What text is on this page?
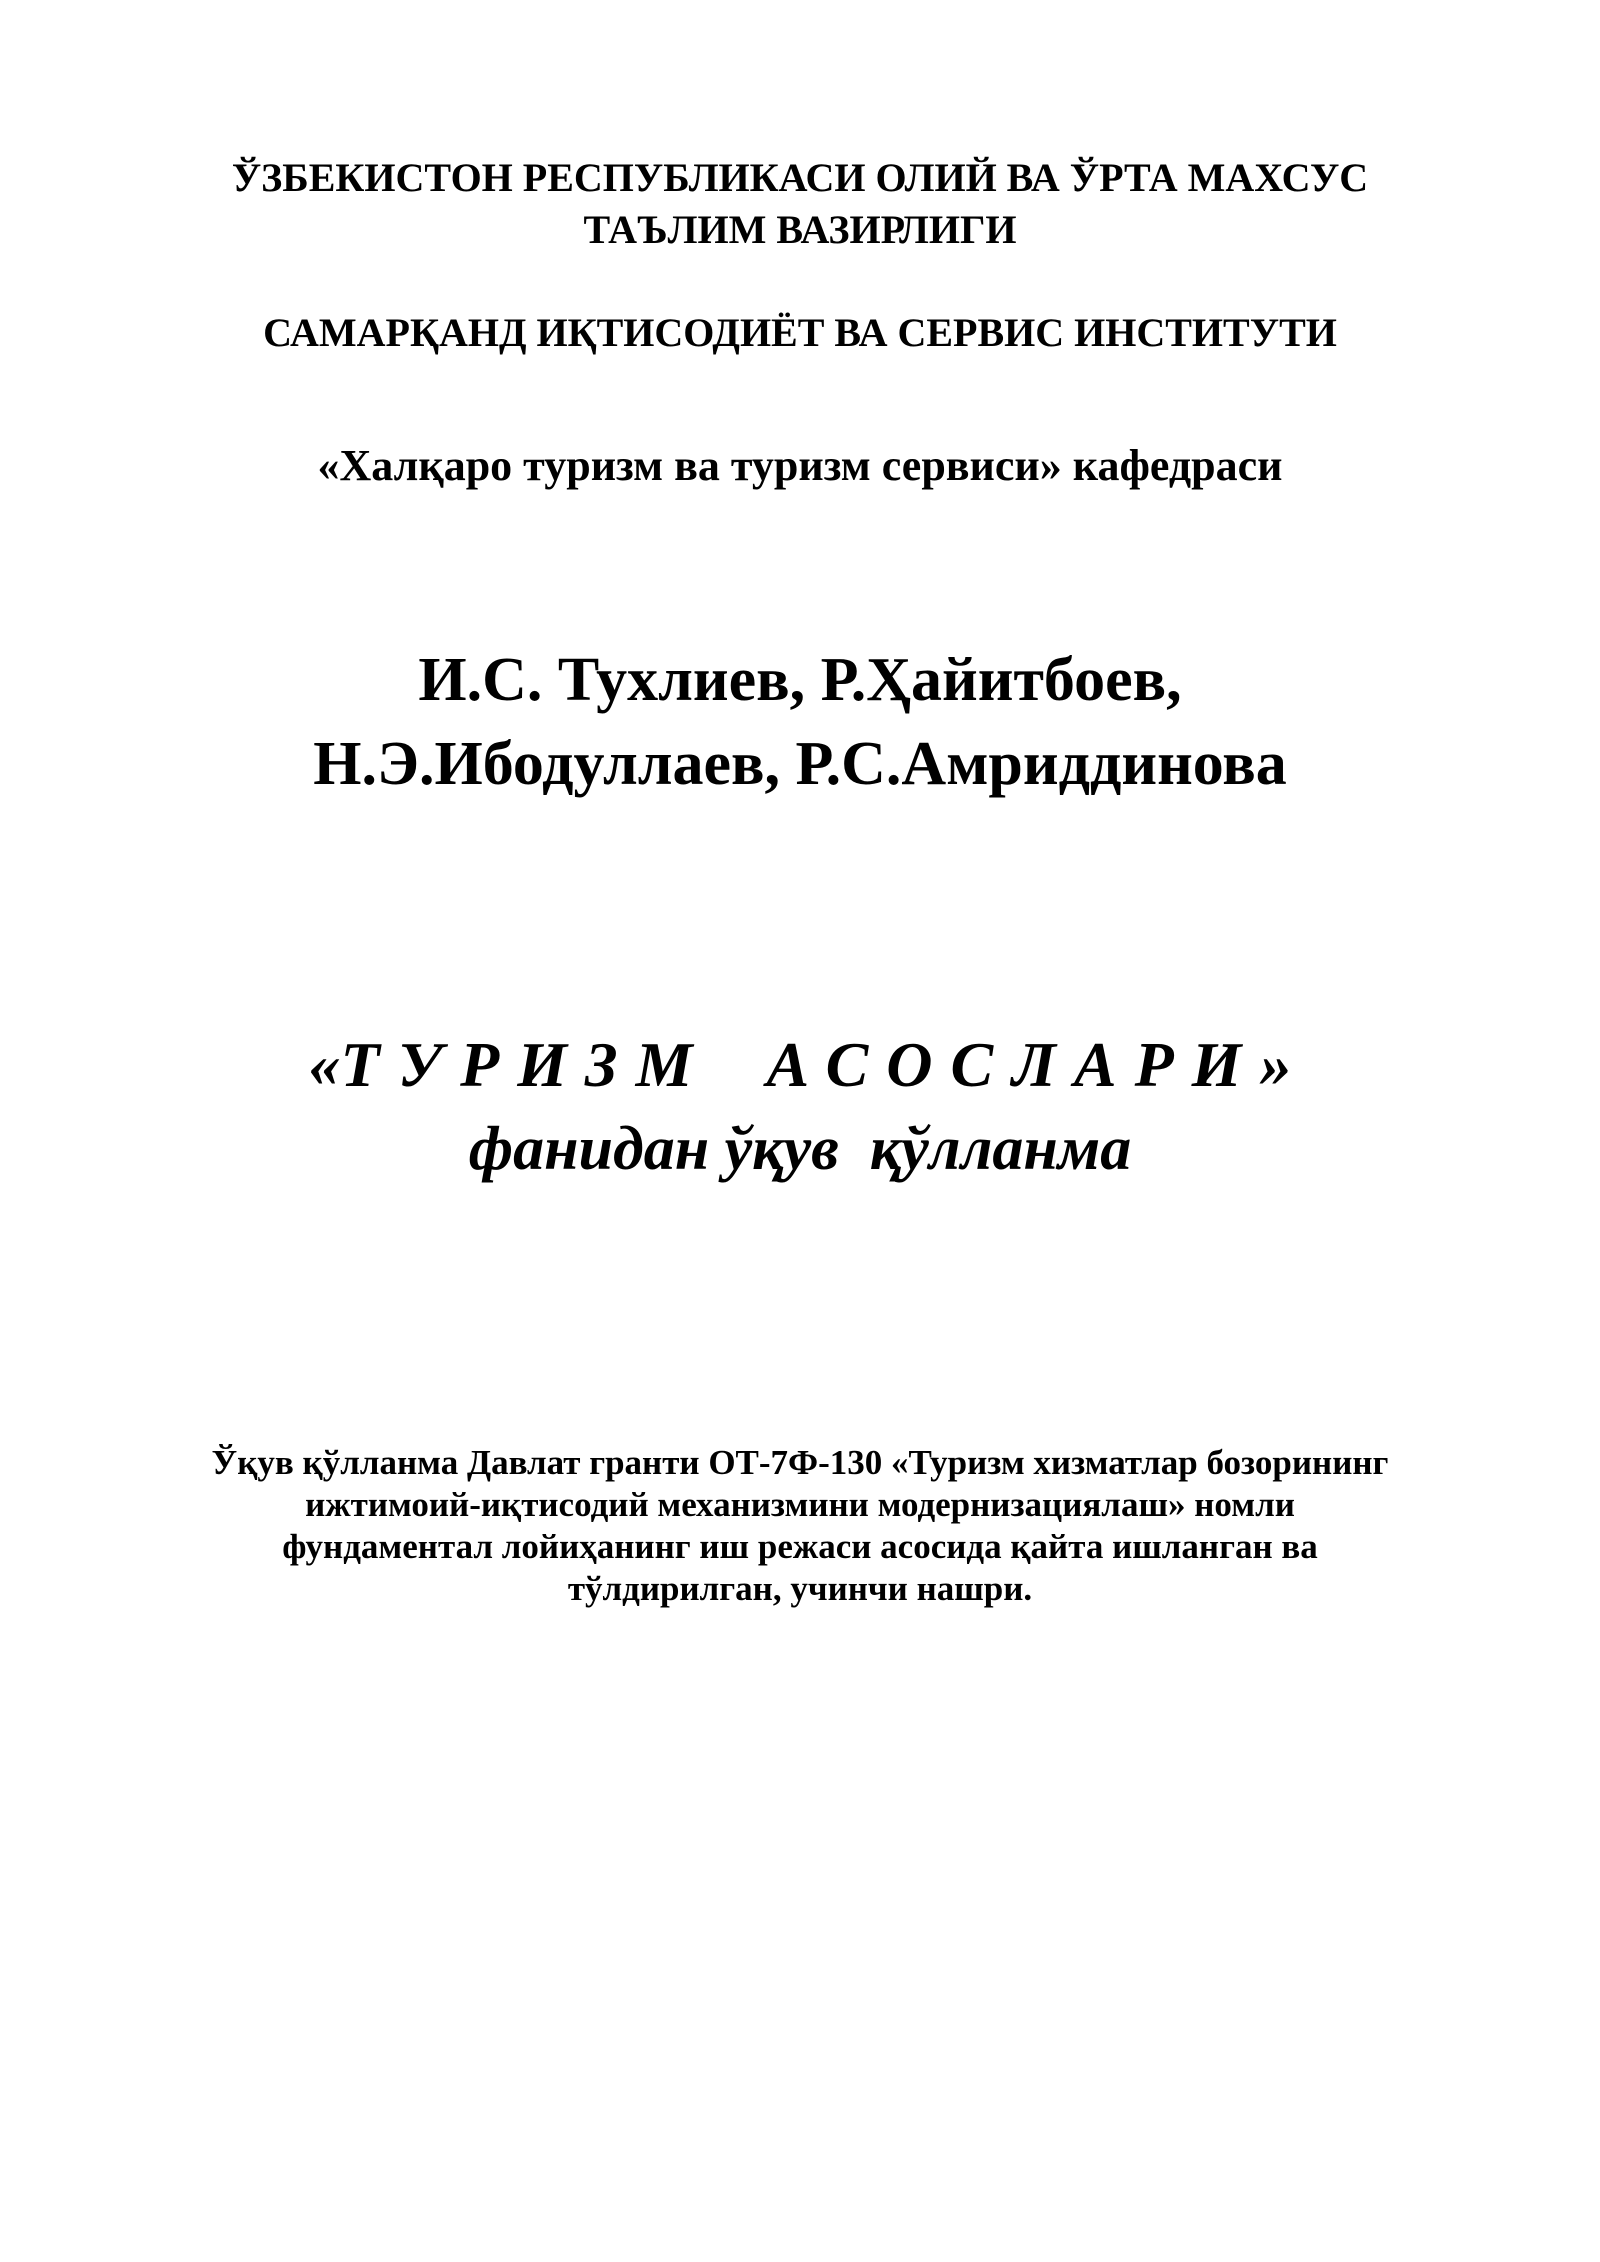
ЎЗБЕКИСТОН РЕСПУБЛИКАСИ ОЛИЙ ВА ЎРТА МАХСУС
ТАЪЛИМ ВАЗИРЛИГИ
САМАРҚАНД ИҚТИСОДИЁТ ВА СЕРВИС ИНСТИТУТИ
«Халқаро туризм ва туризм сервиси» кафедраси
И.С. Тухлиев, Р.Ҳайитбоев,
Н.Э.Ибодуллаев, Р.С.Амриддинова
«ТУРИЗМ АСОСЛАРИ»
фанидан ўқув  қўлланма
Ўқув қўлланма Давлат гранти ОТ-7Ф-130 «Туризм хизматлар бозорининг
ижтимоий-иқтисодий механизмини модернизациялаш» номли
фундаментал лойиҳанинг иш режаси асосида қайта ишланган ва
тўлдирилган, учинчи нашри.
